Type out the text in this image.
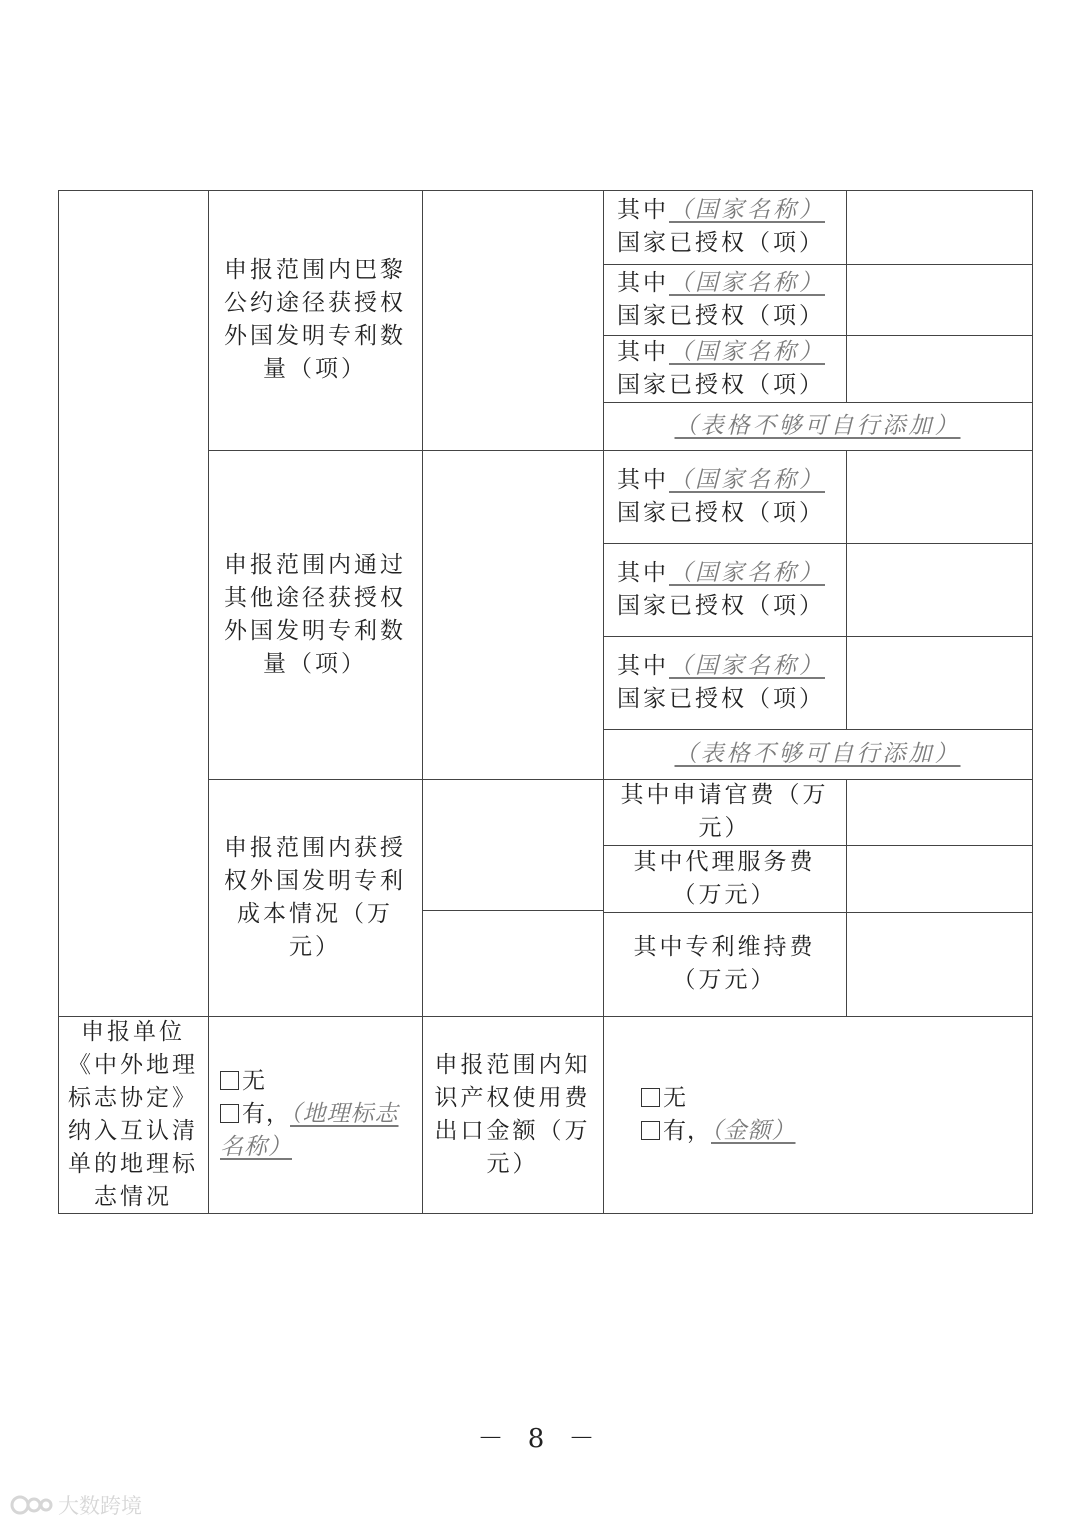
申报范围内巴黎公约途径获授权外国发明专利数量（项）
其中（国家名称）国家已授权（项）
其中（国家名称）国家已授权（项）
其中（国家名称）国家已授权（项）
（表格不够可自行添加）
申报范围内通过其他途径获授权外国发明专利数量（项）
其中（国家名称）国家已授权（项）
其中（国家名称）国家已授权（项）
其中（国家名称）国家已授权（项）
（表格不够可自行添加）
申报范围内获授权外国发明专利成本情况（万元）
其中申请官费（万元）
其中代理服务费（万元）
其中专利维持费（万元）
申报单位《中外地理标志协定》纳入互认清单的地理标志情况
无
有，（地理标志名称）
申报范围内知识产权使用费出口金额（万元）
无
有，（金额）
－ 8 －
大数跨境
